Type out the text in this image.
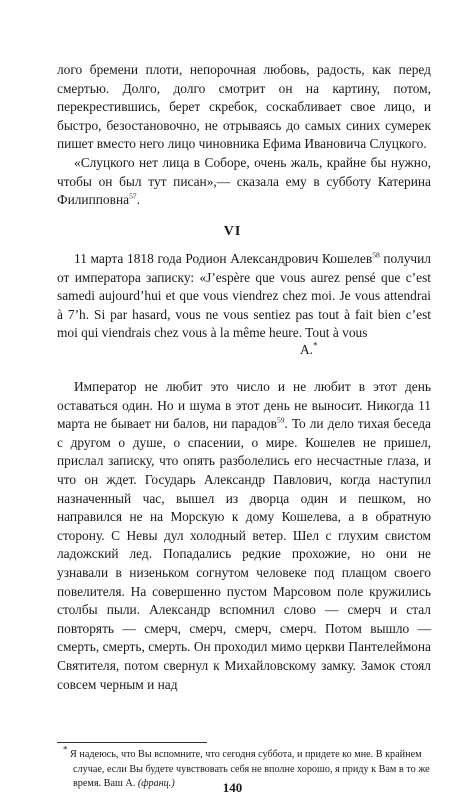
лого бремени плоти, непорочная любовь, радость, как перед смертью. Долго, долго смотрит он на картину, потом, перекрестившись, берет скребок, соскабливает свое лицо, и быстро, безостановочно, не отрываясь до самых синих сумерек пишет вместо него лицо чиновника Ефима Ивановича Слуцкого.
«Слуцкого нет лица в Соборе, очень жаль, крайне бы нужно, чтобы он был тут писан»,— сказала ему в субботу Катерина Филипповна$^{57}$.
VI
11 марта 1818 года Родион Александрович Кошелев$^{58}$ получил от императора записку: «J’espère que vous aurez pensé que c’est samedi aujourd’hui et que vous viendrez chez moi. Je vous attendrai à 7’h. Si par hasard, vous ne vous sentiez pas tout à fait bien c’est moi qui viendrais chez vous à la même heure. Tout à vous
А.*
Император не любит это число и не любит в этот день оставаться один. Но и шума в этот день не выносит. Никогда 11 марта не бывает ни балов, ни парадов$^{59}$. То ли дело тихая беседа с другом о душе, о спасении, о мире. Кошелев не пришел, прислал записку, что опять разболелись его несчастные глаза, и что он ждет. Государь Александр Павлович, когда наступил назначенный час, вышел из дворца один и пешком, но направился не на Морскую к дому Кошелева, а в обратную сторону. С Невы дул холодный ветер. Шел с глухим свистом ладожский лед. Попадались редкие прохожие, но они не узнавали в низеньком согнутом человеке под плащом своего повелителя. На совершенно пустом Марсовом поле кружились столбы пыли. Александр вспомнил слово — смерч и стал повторять — смерч, смерч, смерч, смерч. Потом вышло — смерть, смерть, смерть. Он проходил мимо церкви Пантелеймона Святителя, потом свернул к Михайловскому замку. Замок стоял совсем черным и над
* Я надеюсь, что Вы вспомните, что сегодня суббота, и придете ко мне. В крайнем случае, если Вы будете чувствовать себя не вполне хорошо, я приду к Вам в то же время. Ваш А. (франц.)	140
